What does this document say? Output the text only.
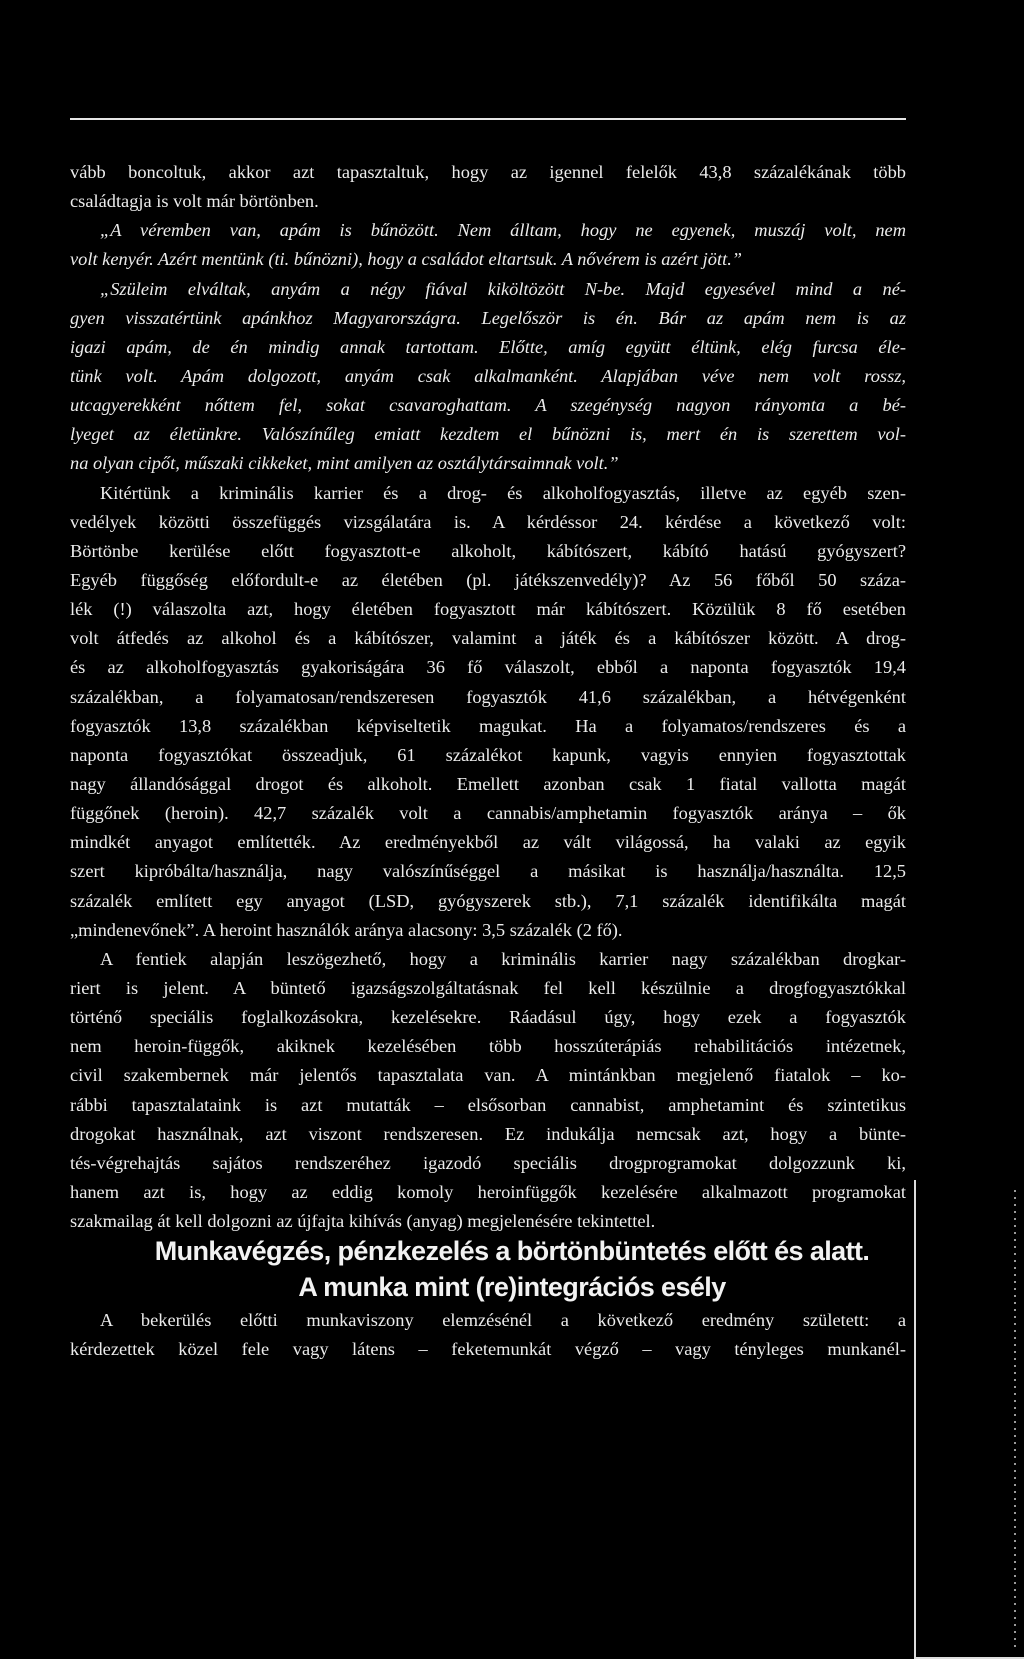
vább boncoltuk, akkor azt tapasztaltuk, hogy az igennel felelők 43,8 százalékának több
családtagja is volt már börtönben.
„A véremben van, apám is bűnözött. Nem álltam, hogy ne egyenek, muszáj volt, nem
volt kenyér. Azért mentünk (ti. bűnözni), hogy a családot eltartsuk. A nővérem is azért jött.”
„Szüleim elváltak, anyám a négy fiával kiköltözött N-be. Majd egyesével mind a né-
gyen visszatértünk apánkhoz Magyarországra. Legelőször is én. Bár az apám nem is az
igazi apám, de én mindig annak tartottam. Előtte, amíg együtt éltünk, elég furcsa éle-
tünk volt. Apám dolgozott, anyám csak alkalmanként. Alapjában véve nem volt rossz,
utcagyerekként nőttem fel, sokat csavaroghattam. A szegénység nagyon rányomta a bé-
lyeget az életünkre. Valószínűleg emiatt kezdtem el bűnözni is, mert én is szerettem vol-
na olyan cipőt, műszaki cikkeket, mint amilyen az osztálytársaimnak volt.”
Kitértünk a kriminális karrier és a drog- és alkoholfogyasztás, illetve az egyéb szen-
vedélyek közötti összefüggés vizsgálatára is. A kérdéssor 24. kérdése a következő volt:
Börtönbe kerülése előtt fogyasztott-e alkoholt, kábítószert, kábító hatású gyógyszert?
Egyéb függőség előfordult-e az életében (pl. játékszenvedély)? Az 56 főből 50 száza-
lék (!) válaszolta azt, hogy életében fogyasztott már kábítószert. Közülük 8 fő esetében
volt átfedés az alkohol és a kábítószer, valamint a játék és a kábítószer között. A drog-
és az alkoholfogyasztás gyakoriságára 36 fő válaszolt, ebből a naponta fogyasztók 19,4
százalékban, a folyamatosan/rendszeresen fogyasztók 41,6 százalékban, a hétvégenként
fogyasztók 13,8 százalékban képviseltetik magukat. Ha a folyamatos/rendszeres és a
naponta fogyasztókat összeadjuk, 61 százalékot kapunk, vagyis ennyien fogyasztottak
nagy állandósággal drogot és alkoholt. Emellett azonban csak 1 fiatal vallotta magát
függőnek (heroin). 42,7 százalék volt a cannabis/amphetamin fogyasztók aránya – ők
mindkét anyagot említették. Az eredményekből az vált világossá, ha valaki az egyik
szert kipróbálta/használja, nagy valószínűséggel a másikat is használja/használta. 12,5
százalék említett egy anyagot (LSD, gyógyszerek stb.), 7,1 százalék identifikálta magát
„mindenevőnek”. A heroint használók aránya alacsony: 3,5 százalék (2 fő).
A fentiek alapján leszögezhető, hogy a kriminális karrier nagy százalékban drogkar-
riert is jelent. A büntető igazságszolgáltatásnak fel kell készülnie a drogfogyasztókkal
történő speciális foglalkozásokra, kezelésekre. Ráadásul úgy, hogy ezek a fogyasztók
nem heroin-függők, akiknek kezelésében több hosszúterápiás rehabilitációs intézetnek,
civil szakembernek már jelentős tapasztalata van. A mintánkban megjelenő fiatalok – ko-
rábbi tapasztalataink is azt mutatták – elsősorban cannabist, amphetamint és szintetikus
drogokat használnak, azt viszont rendszeresen. Ez indukálja nemcsak azt, hogy a bünte-
tés-végrehajtás sajátos rendszeréhez igazodó speciális drogprogramokat dolgozzunk ki,
hanem azt is, hogy az eddig komoly heroinfüggők kezelésére alkalmazott programokat
szakmailag át kell dolgozni az újfajta kihívás (anyag) megjelenésére tekintettel.
Munkavégzés, pénzkezelés a börtönbüntetés előtt és alatt.
A munka mint (re)integrációs esély
A bekerülés előtti munkaviszony elemzésénél a következő eredmény született: a
kérdezettek közel fele vagy látens – feketemunkát végző – vagy tényleges munkanél-
